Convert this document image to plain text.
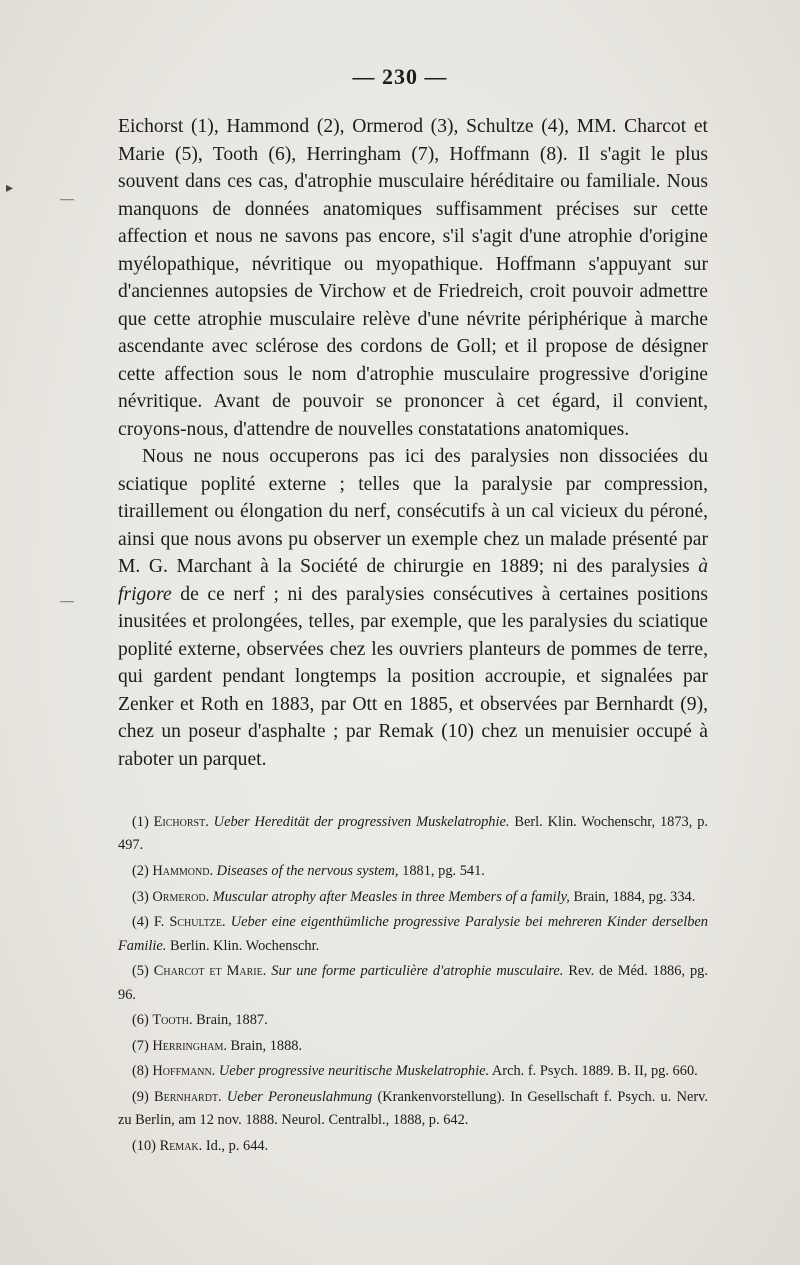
— 230 —
▸
—
—

Eichorst (1), Hammond (2), Ormerod (3), Schultze (4), MM. Charcot et Marie (5), Tooth (6), Herringham (7), Hoffmann (8). Il s'agit le plus souvent dans ces cas, d'atrophie musculaire héréditaire ou familiale. Nous manquons de données anatomiques suffisamment précises sur cette affection et nous ne savons pas encore, s'il s'agit d'une atrophie d'origine myélopathique, névritique ou myopathique. Hoffmann s'appuyant sur d'anciennes autopsies de Virchow et de Friedreich, croit pouvoir admettre que cette atrophie musculaire relève d'une névrite périphérique à marche ascendante avec sclérose des cordons de Goll; et il propose de désigner cette affection sous le nom d'atrophie musculaire progressive d'origine névritique. Avant de pouvoir se prononcer à cet égard, il convient, croyons-nous, d'attendre de nouvelles constatations anatomiques.

Nous ne nous occuperons pas ici des paralysies non dissociées du sciatique poplité externe ; telles que la paralysie par compression, tiraillement ou élongation du nerf, consécutifs à un cal vicieux du péroné, ainsi que nous avons pu observer un exemple chez un malade présenté par M. G. Marchant à la Société de chirurgie en 1889; ni des paralysies à frigore de ce nerf ; ni des paralysies consécutives à certaines positions inusitées et prolongées, telles, par exemple, que les paralysies du sciatique poplité externe, observées chez les ouvriers planteurs de pommes de terre, qui gardent pendant longtemps la position accroupie, et signalées par Zenker et Roth en 1883, par Ott en 1885, et observées par Bernhardt (9), chez un poseur d'asphalte ; par Remak (10) chez un menuisier occupé à raboter un parquet.

(1) Eichorst. Ueber Heredität der progressiven Muskelatrophie. Berl. Klin. Wochenschr, 1873, p. 497.
(2) Hammond. Diseases of the nervous system, 1881, pg. 541.
(3) Ormerod. Muscular atrophy after Measles in three Members of a family, Brain, 1884, pg. 334.
(4) F. Schultze. Ueber eine eigenthümliche progressive Paralysie bei mehreren Kinder derselben Familie. Berlin. Klin. Wochenschr.
(5) Charcot et Marie. Sur une forme particulière d'atrophie musculaire. Rev. de Méd. 1886, pg. 96.
(6) Tooth. Brain, 1887.
(7) Herringham. Brain, 1888.
(8) Hoffmann. Ueber progressive neuritische Muskelatrophie. Arch. f. Psych. 1889. B. II, pg. 660.
(9) Bernhardt. Ueber Peroneuslahmung (Krankenvorstellung). In Gesellschaft f. Psych. u. Nerv. zu Berlin, am 12 nov. 1888. Neurol. Centralbl., 1888, p. 642.
(10) Remak. Id., p. 644.
